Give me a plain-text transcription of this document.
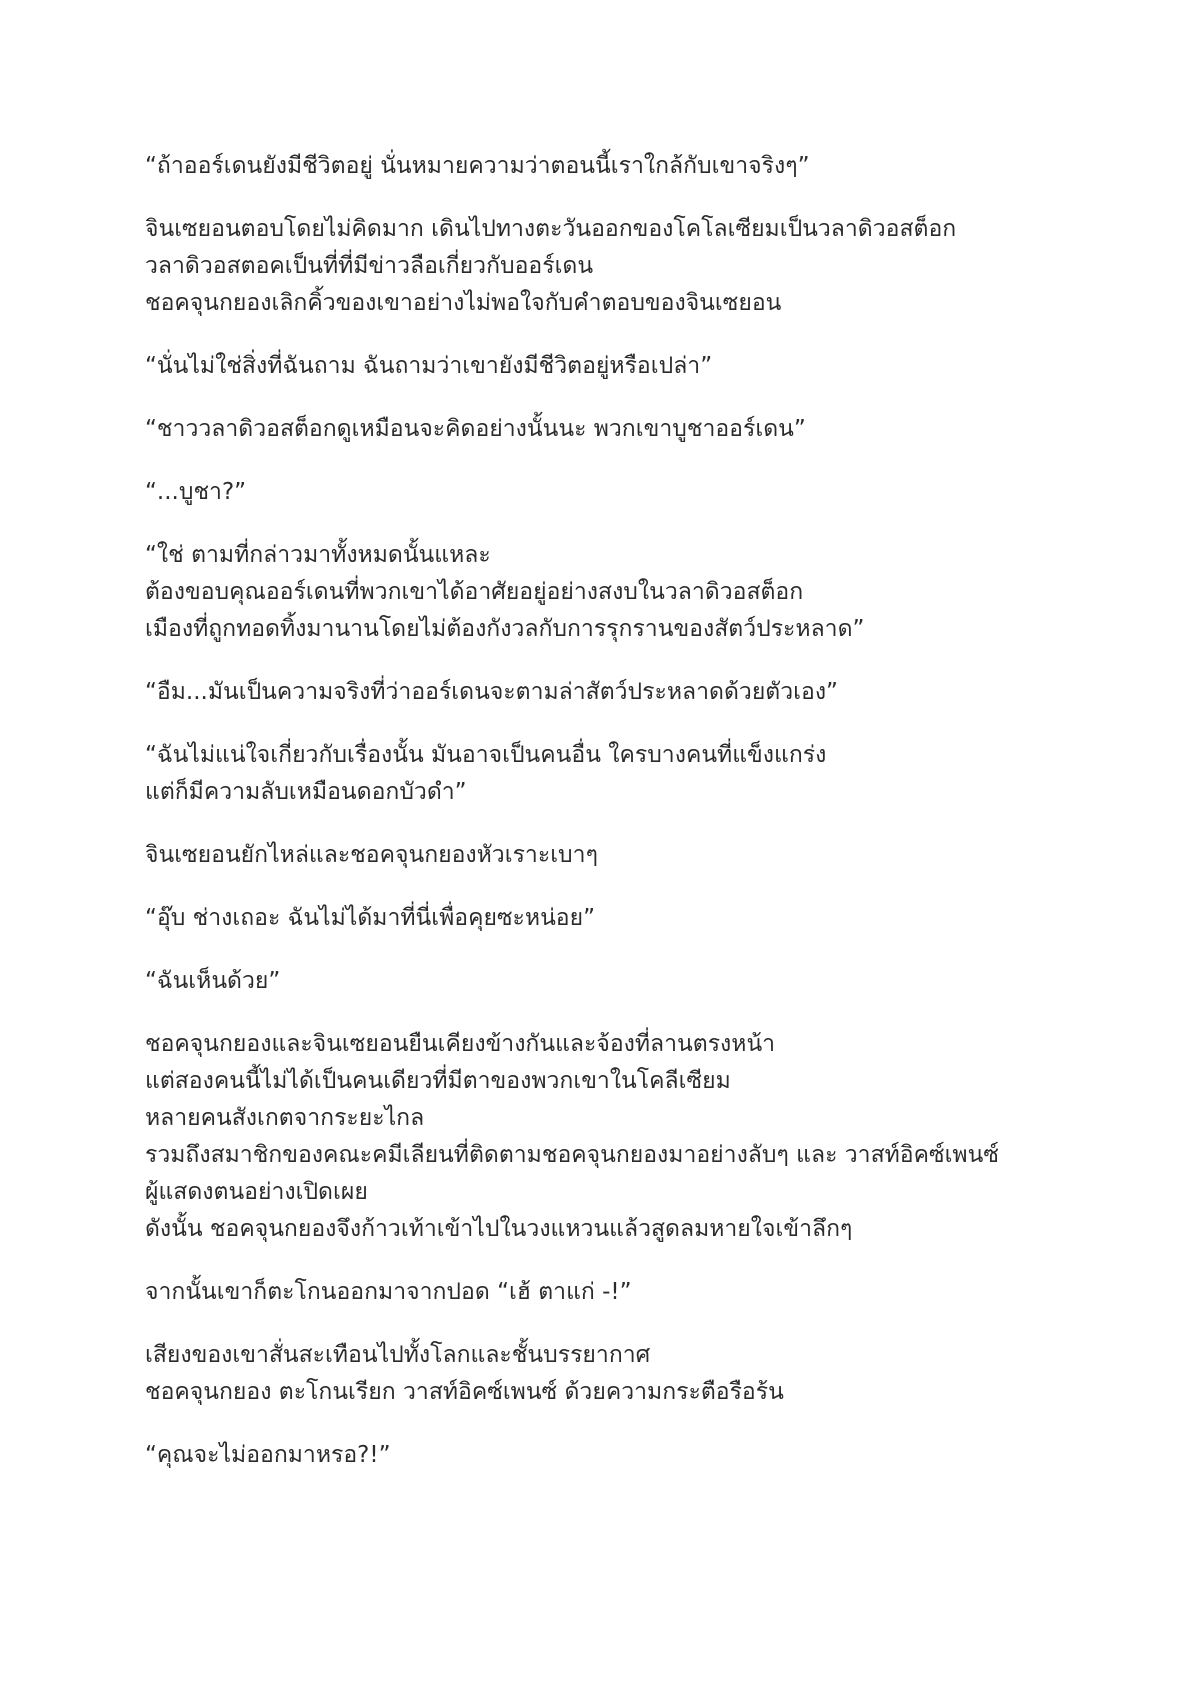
“ถ้าออร์เดนยังมีชีวิตอยู่ นั่นหมายความว่าตอนนี้เราใกล้กับเขาจริงๆ”

จินเซยอนตอบโดยไม่คิดมาก เดินไปทางตะวันออกของโคโลเซียมเป็นวลาดิวอสต็อก
วลาดิวอสตอคเป็นที่ที่มีข่าวลือเกี่ยวกับออร์เดน
ชอคจุนกยองเลิกคิ้วของเขาอย่างไม่พอใจกับคำตอบของจินเซยอน

“นั่นไม่ใช่สิ่งที่ฉันถาม ฉันถามว่าเขายังมีชีวิตอยู่หรือเปล่า”

“ชาววลาดิวอสต็อกดูเหมือนจะคิดอย่างนั้นนะ พวกเขาบูชาออร์เดน”

“...บูชา?”

“ใช่ ตามที่กล่าวมาทั้งหมดนั้นแหละ
ต้องขอบคุณออร์เดนที่พวกเขาได้อาศัยอยู่อย่างสงบในวลาดิวอสต็อก
เมืองที่ถูกทอดทิ้งมานานโดยไม่ต้องกังวลกับการรุกรานของสัตว์ประหลาด”

“อืม...มันเป็นความจริงที่ว่าออร์เดนจะตามล่าสัตว์ประหลาดด้วยตัวเอง”

“ฉันไม่แน่ใจเกี่ยวกับเรื่องนั้น มันอาจเป็นคนอื่น ใครบางคนที่แข็งแกร่ง
แต่ก็มีความลับเหมือนดอกบัวดำ”

จินเซยอนยักไหล่และชอคจุนกยองหัวเราะเบาๆ

“อุ๊บ ช่างเถอะ ฉันไม่ได้มาที่นี่เพื่อคุยซะหน่อย”

“ฉันเห็นด้วย”

ชอคจุนกยองและจินเซยอนยืนเคียงข้างกันและจ้องที่ลานตรงหน้า
แต่สองคนนี้ไม่ได้เป็นคนเดียวที่มีตาของพวกเขาในโคลีเซียม
หลายคนสังเกตจากระยะไกล
รวมถึงสมาชิกของคณะคมีเลียนที่ติดตามชอคจุนกยองมาอย่างลับๆ และ วาสท์อิคซ์เพนซ์
ผู้แสดงตนอย่างเปิดเผย
ดังนั้น ชอคจุนกยองจึงก้าวเท้าเข้าไปในวงแหวนแล้วสูดลมหายใจเข้าลึกๆ

จากนั้นเขาก็ตะโกนออกมาจากปอด “เฮ้ ตาแก่ -!”

เสียงของเขาสั่นสะเทือนไปทั้งโลกและชั้นบรรยากาศ
ชอคจุนกยอง ตะโกนเรียก วาสท์อิคซ์เพนซ์ ด้วยความกระตือรือร้น

“คุณจะไม่ออกมาหรอ?!”
